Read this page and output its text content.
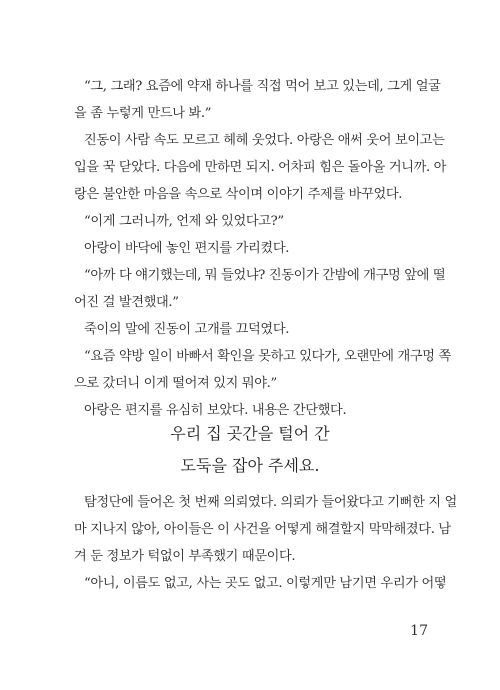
“그, 그래? 요즘에 약재 하나를 직접 먹어 보고 있는데, 그게 얼굴
을 좀 누렇게 만드나 봐.”
진동이 사람 속도 모르고 헤헤 웃었다. 아랑은 애써 웃어 보이고는
입을 꾹 닫았다. 다음에 만하면 되지. 어차피 힘은 돌아올 거니까. 아
랑은 불안한 마음을 속으로 삭이며 이야기 주제를 바꾸었다.
“이게 그러니까, 언제 와 있었다고?”
아랑이 바닥에 놓인 편지를 가리켰다.
“아까 다 얘기했는데, 뭐 들었냐? 진동이가 간밤에 개구멍 앞에 떨
어진 걸 발견했대.”
죽이의 말에 진동이 고개를 끄덕였다.
“요즘 약방 일이 바빠서 확인을 못하고 있다가, 오랜만에 개구멍 쪽
으로 갔더니 이게 떨어져 있지 뭐야.”
아랑은 편지를 유심히 보았다. 내용은 간단했다.
우리 집 곳간을 털어 간
도둑을 잡아 주세요.
탐정단에 들어온 첫 번째 의뢰였다. 의뢰가 들어왔다고 기뻐한 지 얼
마 지나지 않아, 아이들은 이 사건을 어떻게 해결할지 막막해졌다. 남
겨 둔 정보가 턱없이 부족했기 때문이다.
“아니, 이름도 없고, 사는 곳도 없고. 이렇게만 남기면 우리가 어떻
17
